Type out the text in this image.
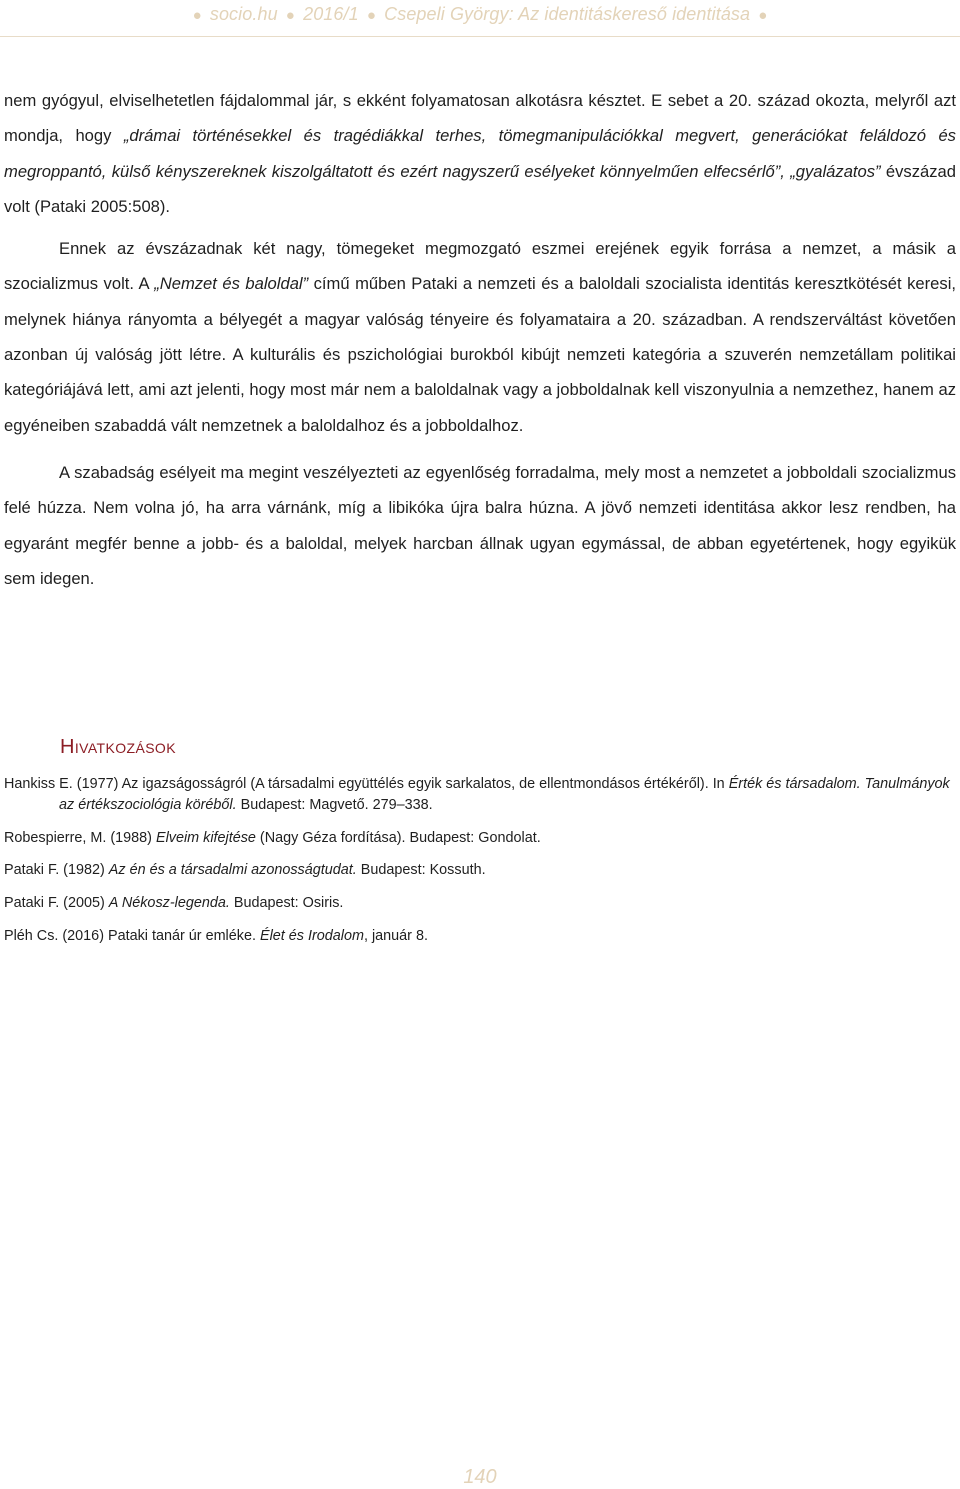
● socio.hu ● 2016/1 ● Csepeli György: Az identitáskereső identitása ●

nem gyógyul, elviselhetetlen fájdalommal jár, s ekként folyamatosan alkotásra késztet. E sebet a 20. század okozta, melyről azt mondja, hogy „drámai történésekkel és tragédiákkal terhes, tömegmanipulációkkal megvert, generációkat feláldozó és megroppantó, külső kényszereknek kiszolgáltatott és ezért nagyszerű esélyeket könnyelműen elfecsérlő”, „gyalázatos” évszázad volt (Pataki 2005:508).

Ennek az évszázadnak két nagy, tömegeket megmozgató eszmei erejének egyik forrása a nemzet, a másik a szocializmus volt. A „Nemzet és baloldal” című műben Pataki a nemzeti és a baloldali szocialista identitás keresztkötését keresi, melynek hiánya rányomta a bélyegét a magyar valóság tényeire és folyamataira a 20. században. A rendszerváltást követően azonban új valóság jött létre. A kulturális és pszichológiai burokból kibújt nemzeti kategória a szuverén nemzetállam politikai kategóriájává lett, ami azt jelenti, hogy most már nem a baloldalnak vagy a jobboldalnak kell viszonyulnia a nemzethez, hanem az egyéneiben szabaddá vált nemzetnek a baloldalhoz és a jobboldalhoz.

A szabadság esélyeit ma megint veszélyezteti az egyenlőség forradalma, mely most a nemzetet a jobboldali szocializmus felé húzza. Nem volna jó, ha arra várnánk, míg a libikóka újra balra húzna. A jövő nemzeti identitása akkor lesz rendben, ha egyaránt megfér benne a jobb- és a baloldal, melyek harcban állnak ugyan egymással, de abban egyetértenek, hogy egyikük sem idegen.

Hivatkozások
Hankiss E. (1977) Az igazságosságról (A társadalmi együttélés egyik sarkalatos, de ellentmondásos értékéről). In Érték és társadalom. Tanulmányok az értékszociológia köréből. Budapest: Magvető. 279–338.
Robespierre, M. (1988) Elveim kifejtése (Nagy Géza fordítása). Budapest: Gondolat.
Pataki F. (1982) Az én és a társadalmi azonosságtudat. Budapest: Kossuth.
Pataki F. (2005) A Nékosz-legenda. Budapest: Osiris.
Pléh Cs. (2016) Pataki tanár úr emléke. Élet és Irodalom, január 8.
140
